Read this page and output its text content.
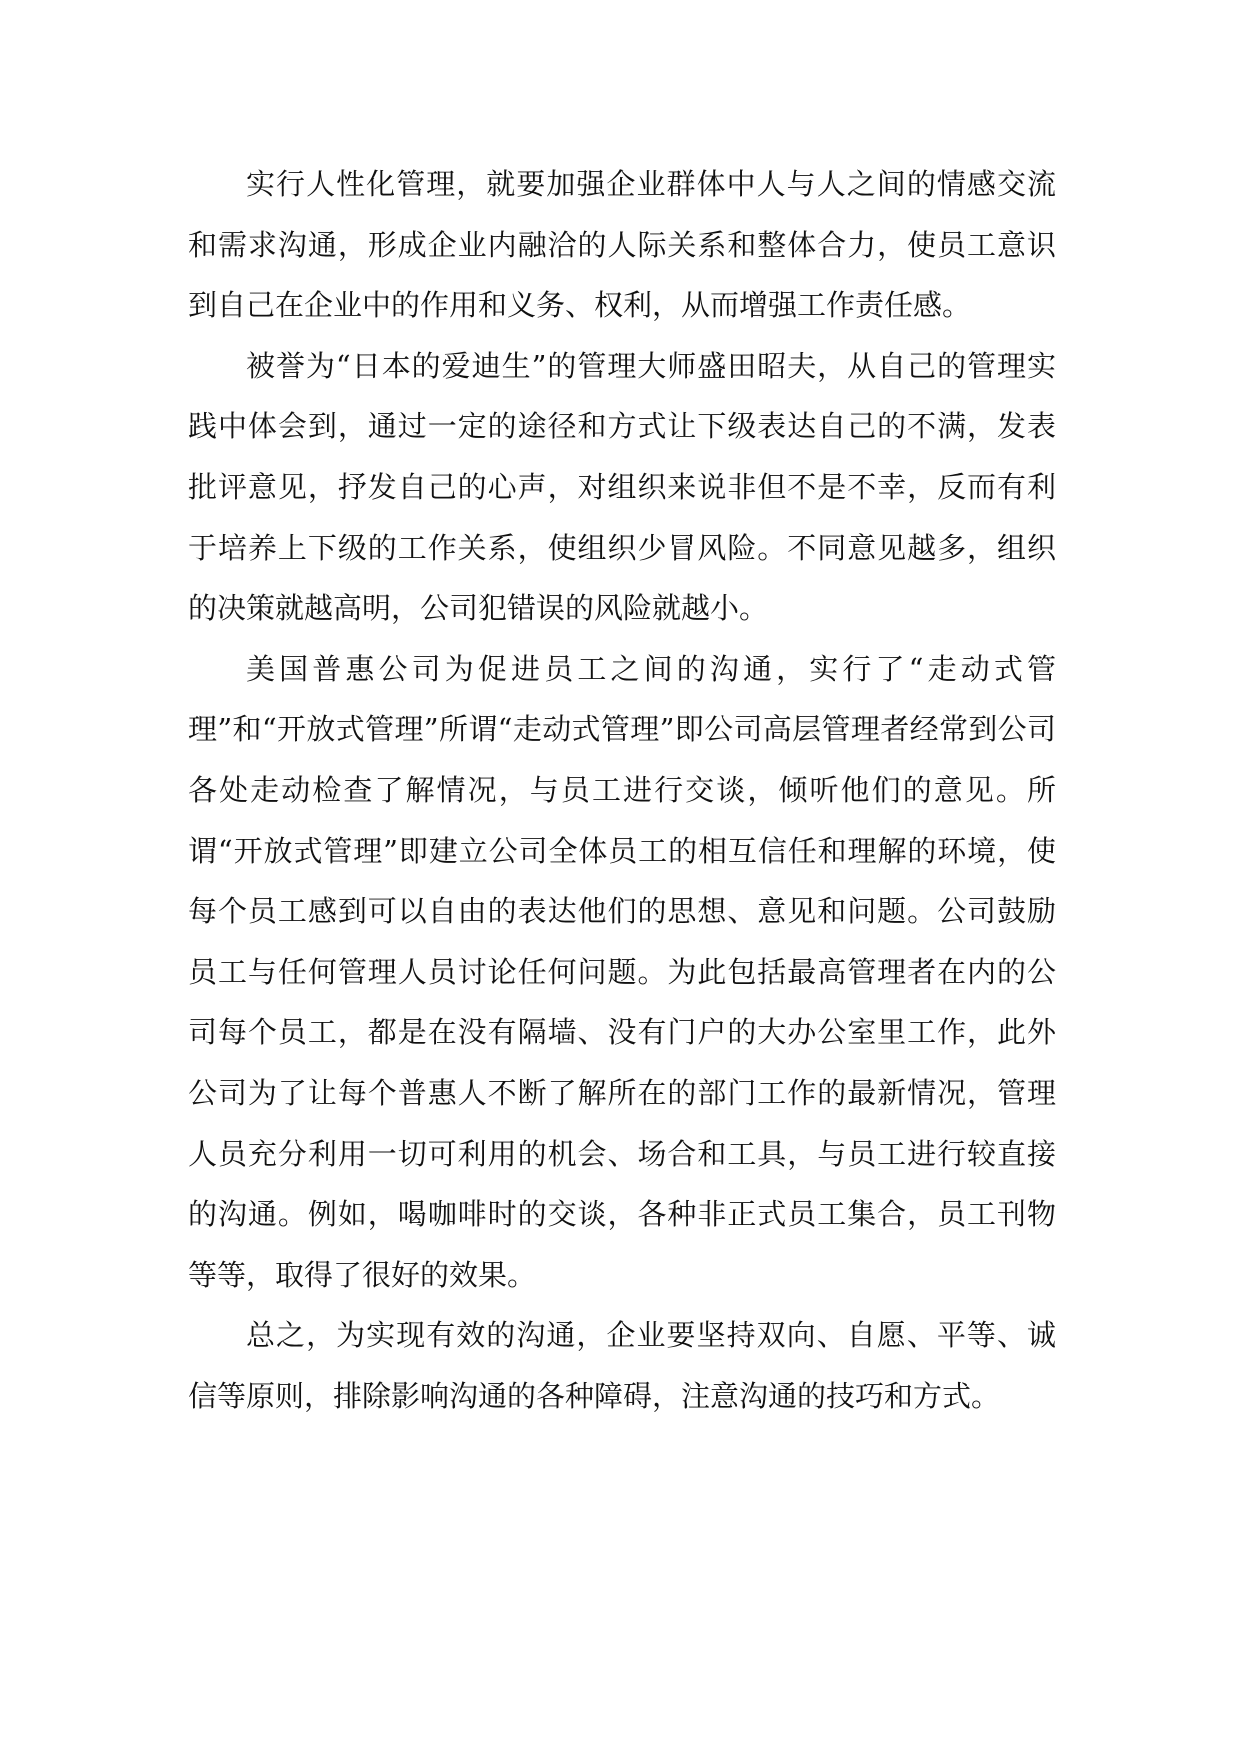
实行人性化管理，就要加强企业群体中人与人之间的情感交流和需求沟通，形成企业内融洽的人际关系和整体合力，使员工意识到自己在企业中的作用和义务、权利，从而增强工作责任感。

被誉为“日本的爱迪生”的管理大师盛田昭夫，从自己的管理实践中体会到，通过一定的途径和方式让下级表达自己的不满，发表批评意见，抒发自己的心声，对组织来说非但不是不幸，反而有利于培养上下级的工作关系，使组织少冒风险。不同意见越多，组织的决策就越高明，公司犯错误的风险就越小。

美国普惠公司为促进员工之间的沟通，实行了“走动式管理”和“开放式管理”所谓“走动式管理”即公司高层管理者经常到公司各处走动检查了解情况，与员工进行交谈，倾听他们的意见。所谓“开放式管理”即建立公司全体员工的相互信任和理解的环境，使每个员工感到可以自由的表达他们的思想、意见和问题。公司鼓励员工与任何管理人员讨论任何问题。为此包括最高管理者在内的公司每个员工，都是在没有隔墙、没有门户的大办公室里工作，此外公司为了让每个普惠人不断了解所在的部门工作的最新情况，管理人员充分利用一切可利用的机会、场合和工具，与员工进行较直接的沟通。例如，喝咖啡时的交谈，各种非正式员工集合，员工刊物等等，取得了很好的效果。

总之，为实现有效的沟通，企业要坚持双向、自愿、平等、诚信等原则，排除影响沟通的各种障碍，注意沟通的技巧和方式。
